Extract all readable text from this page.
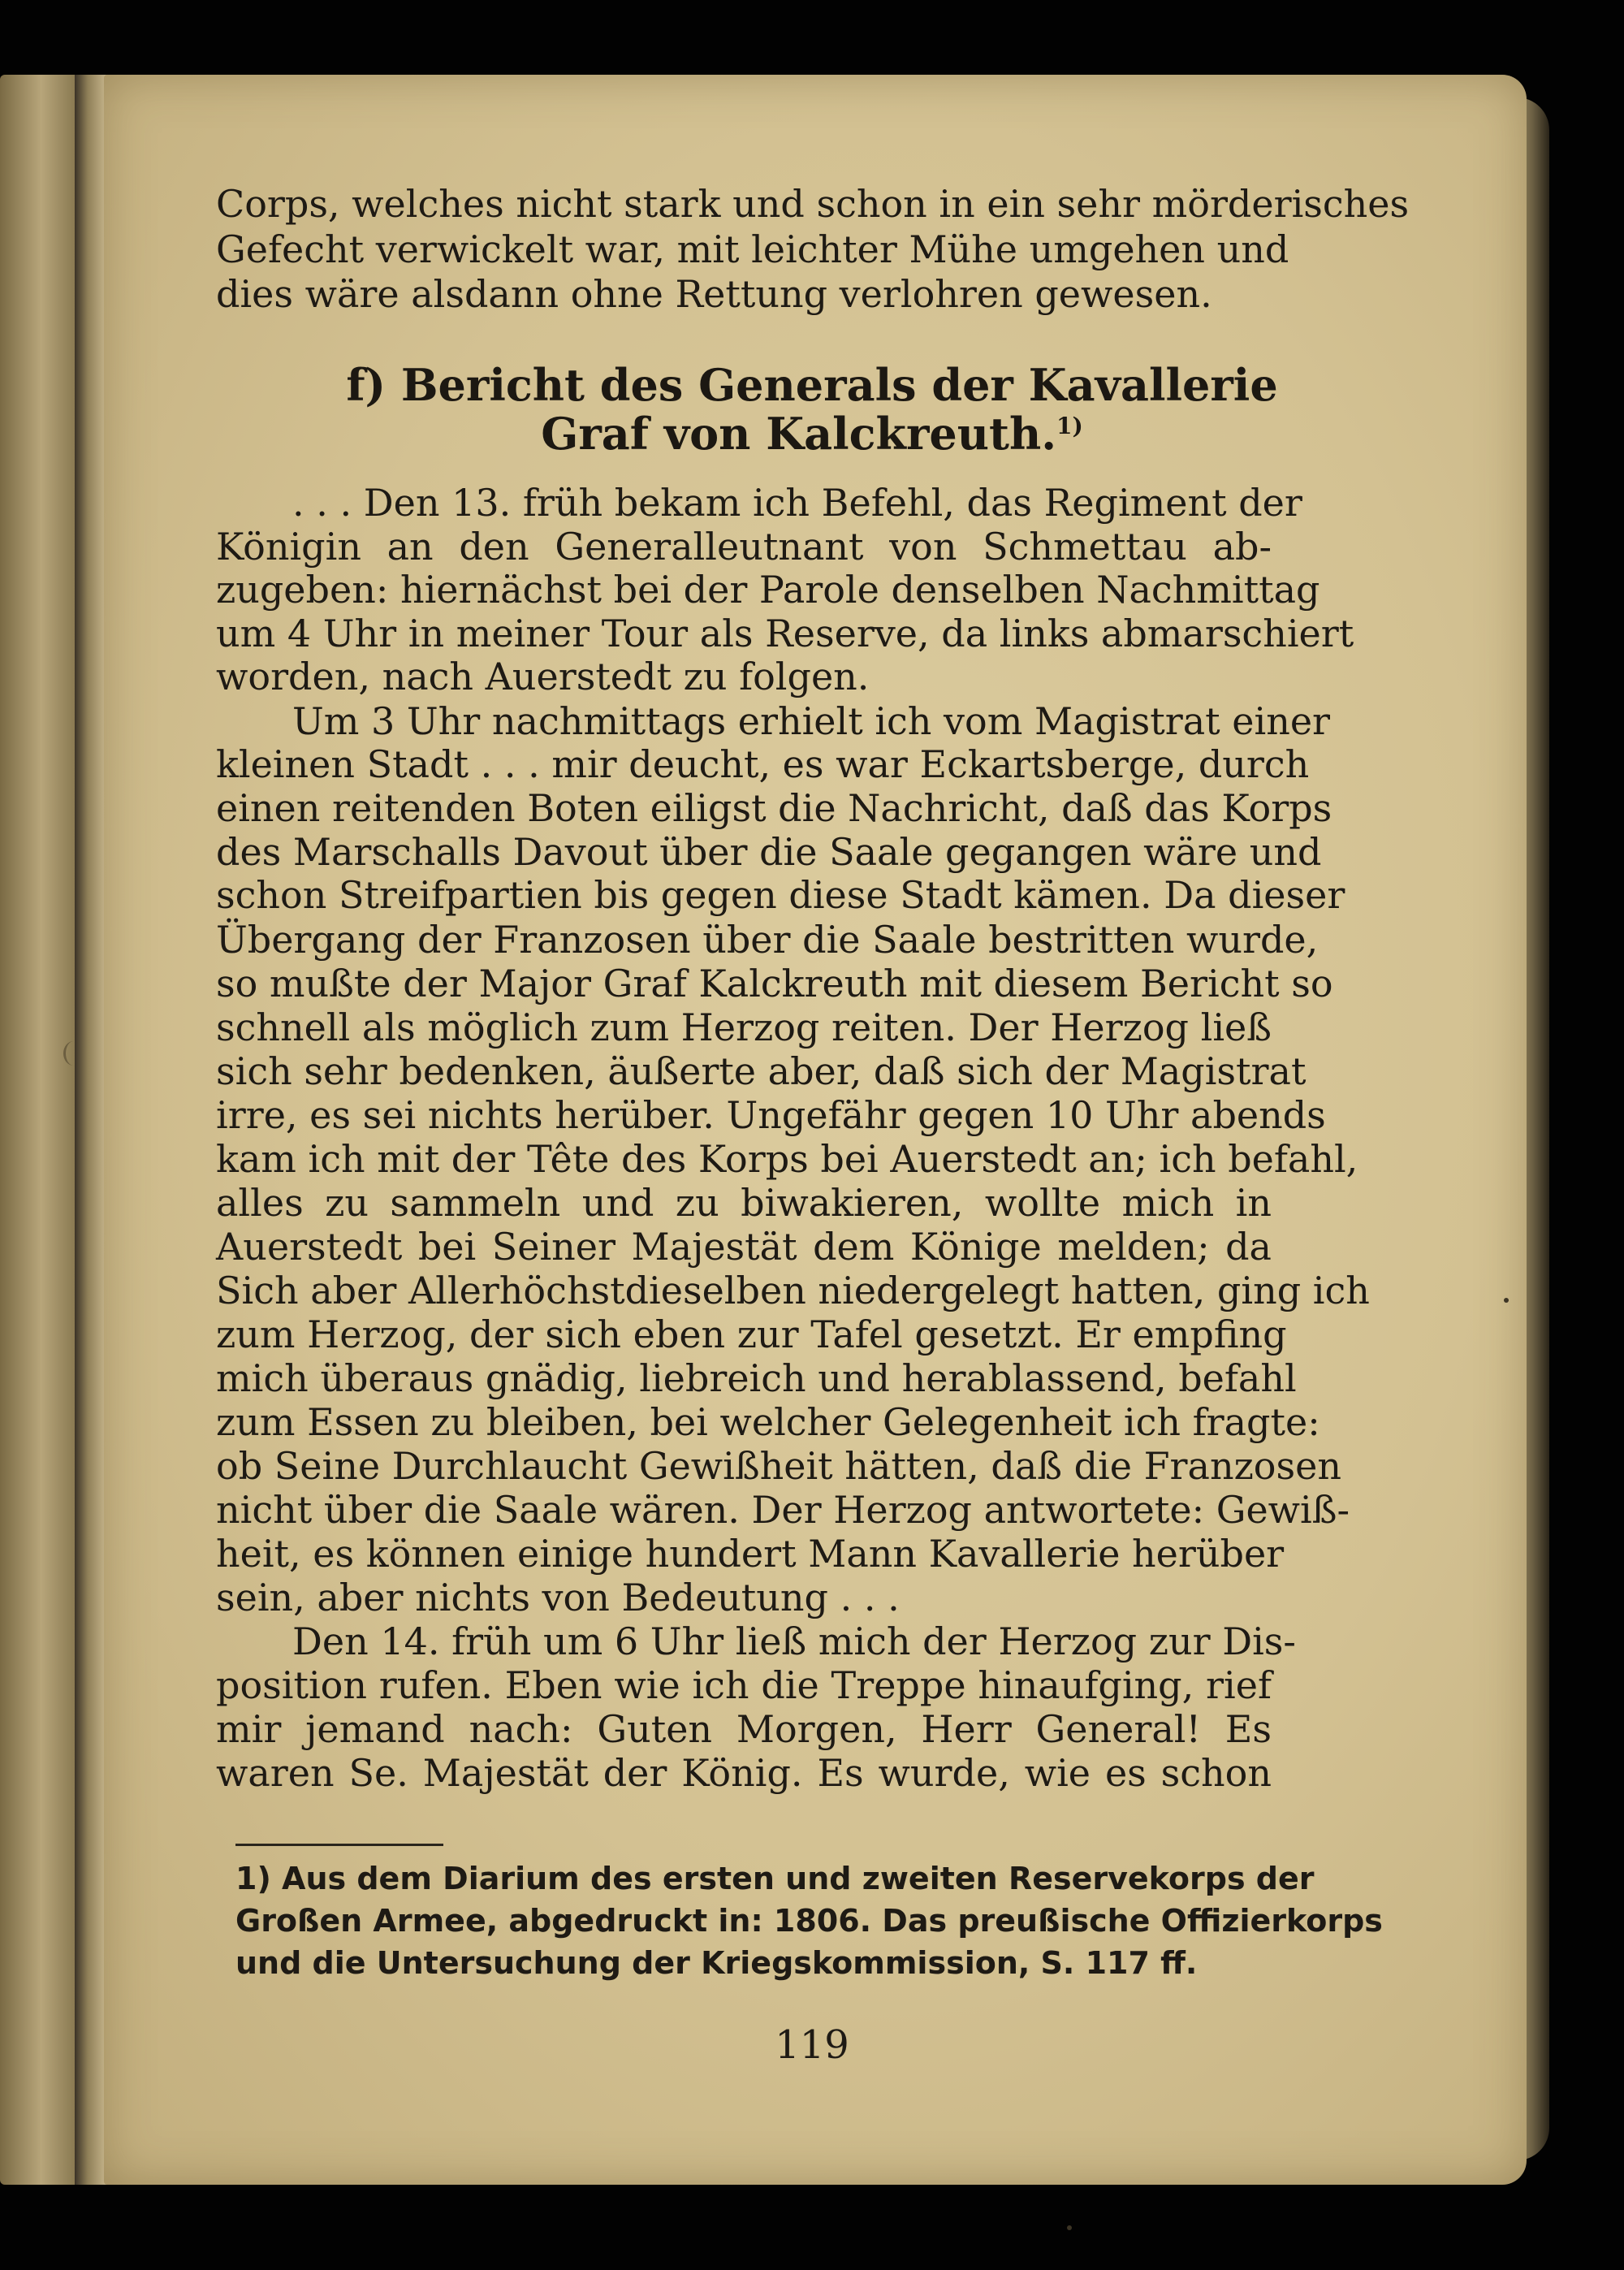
Corps, welches nicht stark und schon in ein sehr mörderisches
Gefecht verwickelt war, mit leichter Mühe umgehen und
dies wäre alsdann ohne Rettung verlohren gewesen.
f) Bericht des Generals der Kavallerie
Graf von Kalckreuth.$^{1)}$
. . . Den 13. früh bekam ich Befehl, das Regiment der
Königin an den Generalleutnant von Schmettau ab-
zugeben: hiernächst bei der Parole denselben Nachmittag
um 4 Uhr in meiner Tour als Reserve, da links abmarschiert
worden, nach Auerstedt zu folgen.
Um 3 Uhr nachmittags erhielt ich vom Magistrat einer
kleinen Stadt . . . mir deucht, es war Eckartsberge, durch
einen reitenden Boten eiligst die Nachricht, daß das Korps
des Marschalls Davout über die Saale gegangen wäre und
schon Streifpartien bis gegen diese Stadt kämen. Da dieser
Übergang der Franzosen über die Saale bestritten wurde,
so mußte der Major Graf Kalckreuth mit diesem Bericht so
schnell als möglich zum Herzog reiten. Der Herzog ließ
sich sehr bedenken, äußerte aber, daß sich der Magistrat
irre, es sei nichts herüber. Ungefähr gegen 10 Uhr abends
kam ich mit der Tête des Korps bei Auerstedt an; ich befahl,
alles zu sammeln und zu biwakieren, wollte mich in
Auerstedt bei Seiner Majestät dem Könige melden; da
Sich aber Allerhöchstdieselben niedergelegt hatten, ging ich
zum Herzog, der sich eben zur Tafel gesetzt. Er empfing
mich überaus gnädig, liebreich und herablassend, befahl
zum Essen zu bleiben, bei welcher Gelegenheit ich fragte:
ob Seine Durchlaucht Gewißheit hätten, daß die Franzosen
nicht über die Saale wären. Der Herzog antwortete: Gewiß-
heit, es können einige hundert Mann Kavallerie herüber
sein, aber nichts von Bedeutung . . .
Den 14. früh um 6 Uhr ließ mich der Herzog zur Dis-
position rufen. Eben wie ich die Treppe hinaufging, rief
mir jemand nach: Guten Morgen, Herr General! Es
waren Se. Majestät der König. Es wurde, wie es schon
1) Aus dem Diarium des ersten und zweiten Reservekorps der
Großen Armee, abgedruckt in: 1806. Das preußische Offizierkorps
und die Untersuchung der Kriegskommission, S. 117 ff.
119
